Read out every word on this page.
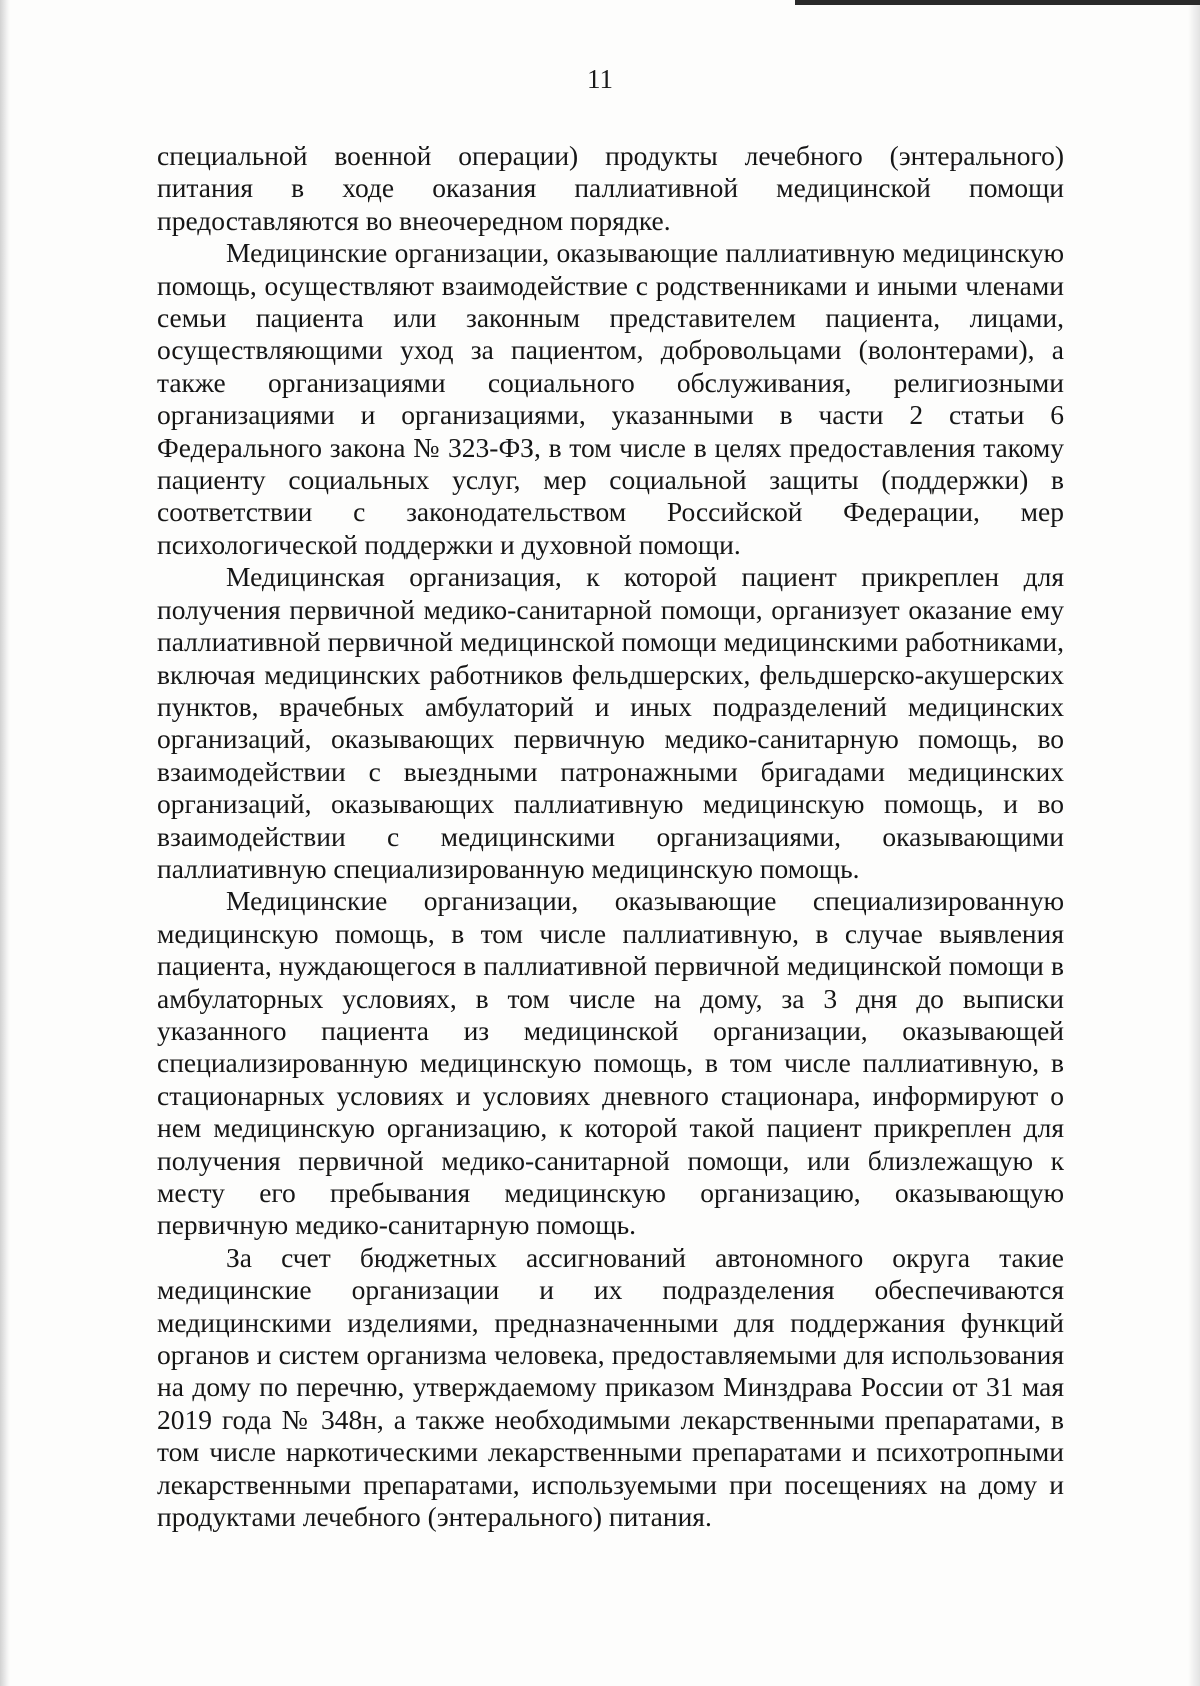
11

специальной военной операции) продукты лечебного (энтерального) питания в ходе оказания паллиативной медицинской помощи предоставляются во внеочередном порядке.

Медицинские организации, оказывающие паллиативную медицинскую помощь, осуществляют взаимодействие с родственниками и иными членами семьи пациента или законным представителем пациента, лицами, осуществляющими уход за пациентом, добровольцами (волонтерами), а также организациями социального обслуживания, религиозными организациями и организациями, указанными в части 2 статьи 6 Федерального закона № 323-ФЗ, в том числе в целях предоставления такому пациенту социальных услуг, мер социальной защиты (поддержки) в соответствии с законодательством Российской Федерации, мер психологической поддержки и духовной помощи.

Медицинская организация, к которой пациент прикреплен для получения первичной медико-санитарной помощи, организует оказание ему паллиативной первичной медицинской помощи медицинскими работниками, включая медицинских работников фельдшерских, фельдшерско-акушерских пунктов, врачебных амбулаторий и иных подразделений медицинских организаций, оказывающих первичную медико-санитарную помощь, во взаимодействии с выездными патронажными бригадами медицинских организаций, оказывающих паллиативную медицинскую помощь, и во взаимодействии с медицинскими организациями, оказывающими паллиативную специализированную медицинскую помощь.

Медицинские организации, оказывающие специализированную медицинскую помощь, в том числе паллиативную, в случае выявления пациента, нуждающегося в паллиативной первичной медицинской помощи в амбулаторных условиях, в том числе на дому, за 3 дня до выписки указанного пациента из медицинской организации, оказывающей специализированную медицинскую помощь, в том числе паллиативную, в стационарных условиях и условиях дневного стационара, информируют о нем медицинскую организацию, к которой такой пациент прикреплен для получения первичной медико-санитарной помощи, или близлежащую к месту его пребывания медицинскую организацию, оказывающую первичную медико-санитарную помощь.

За счет бюджетных ассигнований автономного округа такие медицинские организации и их подразделения обеспечиваются медицинскими изделиями, предназначенными для поддержания функций органов и систем организма человека, предоставляемыми для использования на дому по перечню, утверждаемому приказом Минздрава России от 31 мая 2019 года № 348н, а также необходимыми лекарственными препаратами, в том числе наркотическими лекарственными препаратами и психотропными лекарственными препаратами, используемыми при посещениях на дому и продуктами лечебного (энтерального) питания.
